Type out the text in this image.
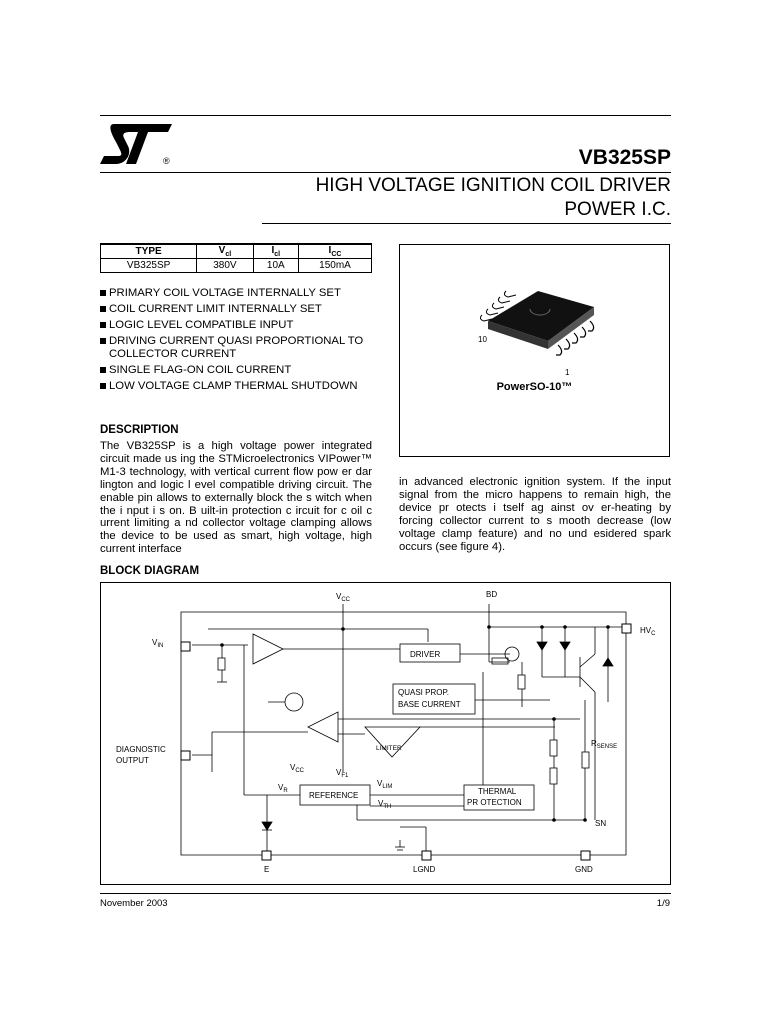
®	VB325SP
HIGH VOLTAGE IGNITION COIL DRIVER
POWER I.C.
TYPE	$V_{cl}$	$I_{cl}$	$I_{CC}$
VB325SP	380V	10A	150mA
PRIMARY COIL VOLTAGE INTERNALLY SET
COIL CURRENT LIMIT INTERNALLY SET
LOGIC LEVEL COMPATIBLE INPUT
DRIVING CURRENT QUASI PROPORTIONAL TO COLLECTOR CURRENT
SINGLE FLAG-ON COIL CURRENT
LOW VOLTAGE CLAMP THERMAL SHUTDOWN
10
1
PowerSO-10™
DESCRIPTION
The VB325SP is a high voltage power integrated circuit made us ing the STMicroelectronics VIPower™ M1-3 technology, with vertical current flow pow er dar lington and logic l evel compatible driving circuit. The enable pin allows to externally block the s witch when the i nput i s on. B uilt-in protection c ircuit for c oil c urrent limiting a nd collector voltage clamping allows the device to be used as smart, high voltage, high current interface
in advanced electronic ignition system. If the input signal from the micro happens to remain high, the device pr otects i tself ag ainst ov er-heating by forcing collector current to s mooth decrease (low voltage clamp feature) and no und esidered spark occurs (see figure 4).
BLOCK DIAGRAM
$V_{CC}$
BD
$HV_C$
$V_{IN}$
DRIVER
QUASI PROP.
BASE CURRENT
$R_{SENSE}$
DIAGNOSTIC
OUTPUT
LIMITER
$V_{CC}$	$V_{F1}$
$V_{LIM}$
$V_R$	REFERENCE
$V_{TH}$
THERMAL
PR OTECTION
SN
E	LGND	GND
November 2003	1/9
